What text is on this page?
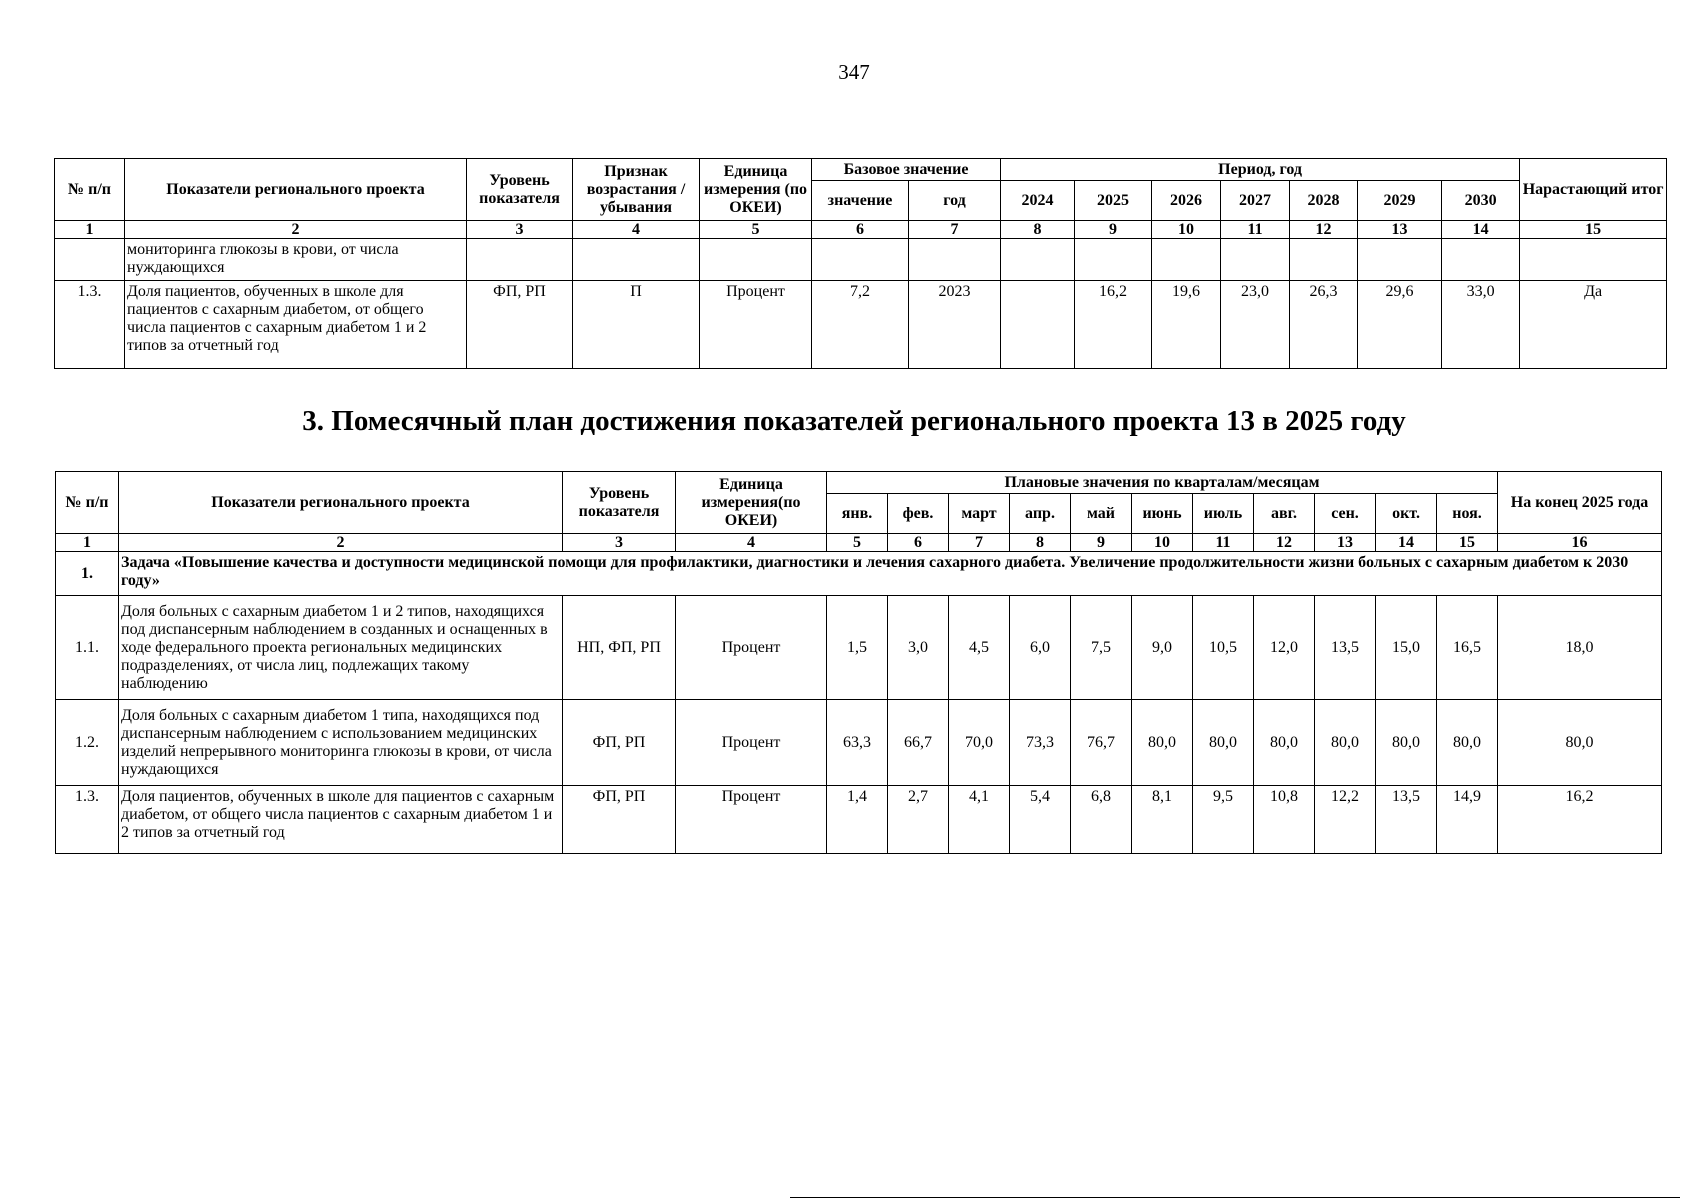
347
№ п/п	Показатели регионального проекта	Уровень показателя	Признак возрастания / убывания	Единица измерения (по ОКЕИ)	Базовое значение		Период, год							Нарастающий итог
					значение	год	2024	2025	2026	2027	2028	2029	2030	
1	2	3	4	5	6	7	8	9	10	11	12	13	14	15
	мониторинга глюкозы в крови, от числа нуждающихся													
1.3.	Доля пациентов, обученных в школе для пациентов с сахарным диабетом, от общего числа пациентов с сахарным диабетом 1 и 2 типов за отчетный год	ФП, РП	П	Процент	7,2	2023		16,2	19,6	23,0	26,3	29,6	33,0	Да
3. Помесячный план достижения показателей регионального проекта 13 в 2025 году
№ п/п	Показатели регионального проекта	Уровень показателя	Единица измерения(по ОКЕИ)	Плановые значения по кварталам/месяцам											На конец 2025 года
				янв.	фев.	март	апр.	май	июнь	июль	авг.	сен.	окт.	ноя.	
1	2	3	4	5	6	7	8	9	10	11	12	13	14	15	16
1.	Задача «Повышение качества и доступности медицинской помощи для профилактики, диагностики и лечения сахарного диабета. Увеличение продолжительности жизни больных с сахарным диабетом к 2030 году»														
1.1.	Доля больных с сахарным диабетом 1 и 2 типов, находящихся под диспансерным наблюдением в созданных и оснащенных в ходе федерального проекта региональных медицинских подразделениях, от числа лиц, подлежащих такому наблюдению	НП, ФП, РП	Процент	1,5	3,0	4,5	6,0	7,5	9,0	10,5	12,0	13,5	15,0	16,5	18,0
1.2.	Доля больных с сахарным диабетом 1 типа, находящихся под диспансерным наблюдением с использованием медицинских изделий непрерывного мониторинга глюкозы в крови, от числа нуждающихся	ФП, РП	Процент	63,3	66,7	70,0	73,3	76,7	80,0	80,0	80,0	80,0	80,0	80,0	80,0
1.3.	Доля пациентов, обученных в школе для пациентов с сахарным диабетом, от общего числа пациентов с сахарным диабетом 1 и 2 типов за отчетный год	ФП, РП	Процент	1,4	2,7	4,1	5,4	6,8	8,1	9,5	10,8	12,2	13,5	14,9	16,2
